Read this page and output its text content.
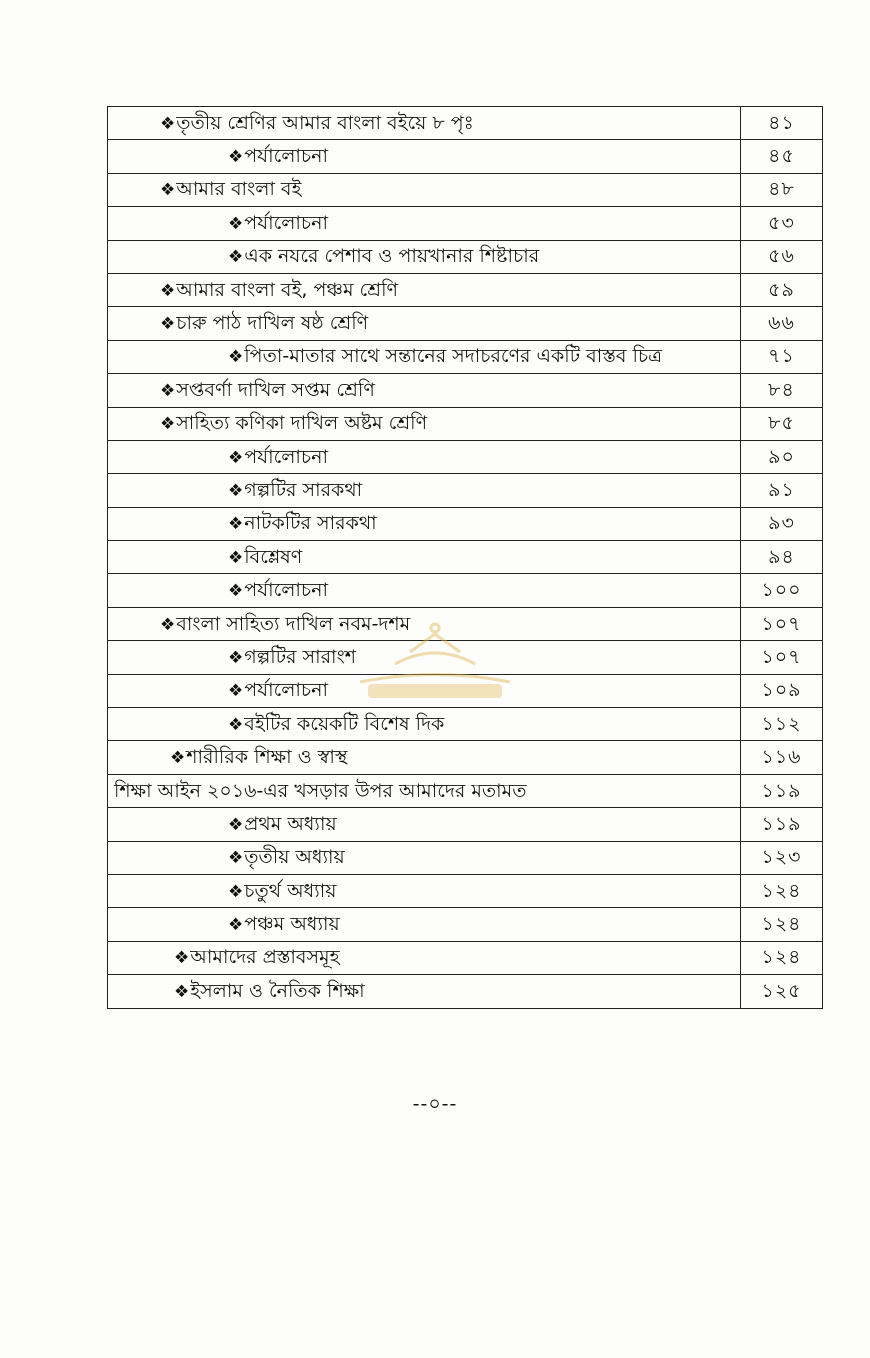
❖তৃতীয় শ্রেণির আমার বাংলা বইয়ে ৮ পৃঃ	৪১
❖পর্যালোচনা	৪৫
❖আমার বাংলা বই	৪৮
❖পর্যালোচনা	৫৩
❖এক নযরে পেশাব ও পায়খানার শিষ্টাচার	৫৬
❖আমার বাংলা বই, পঞ্চম শ্রেণি	৫৯
❖চারু পাঠ দাখিল ষষ্ঠ শ্রেণি	৬৬
❖পিতা-মাতার সাথে সন্তানের সদাচরণের একটি বাস্তব চিত্র	৭১
❖সপ্তবর্ণা দাখিল সপ্তম শ্রেণি	৮৪
❖সাহিত্য কণিকা দাখিল অষ্টম শ্রেণি	৮৫
❖পর্যালোচনা	৯০
❖গল্পটির সারকথা	৯১
❖নাটকটির সারকথা	৯৩
❖বিশ্লেষণ	৯৪
❖পর্যালোচনা	১০০
❖বাংলা সাহিত্য দাখিল নবম-দশম	১০৭
❖গল্পটির সারাংশ	১০৭
❖পর্যালোচনা	১০৯
❖বইটির কয়েকটি বিশেষ দিক	১১২
❖শারীরিক শিক্ষা ও স্বাস্থ	১১৬
শিক্ষা আইন ২০১৬-এর খসড়ার উপর আমাদের মতামত	১১৯
❖প্রথম অধ্যায়	১১৯
❖তৃতীয় অধ্যায়	১২৩
❖চতুর্থ অধ্যায়	১২৪
❖পঞ্চম অধ্যায়	১২৪
❖আমাদের প্রস্তাবসমূহ	১২৪
❖ইসলাম ও নৈতিক শিক্ষা	১২৫
--০--
